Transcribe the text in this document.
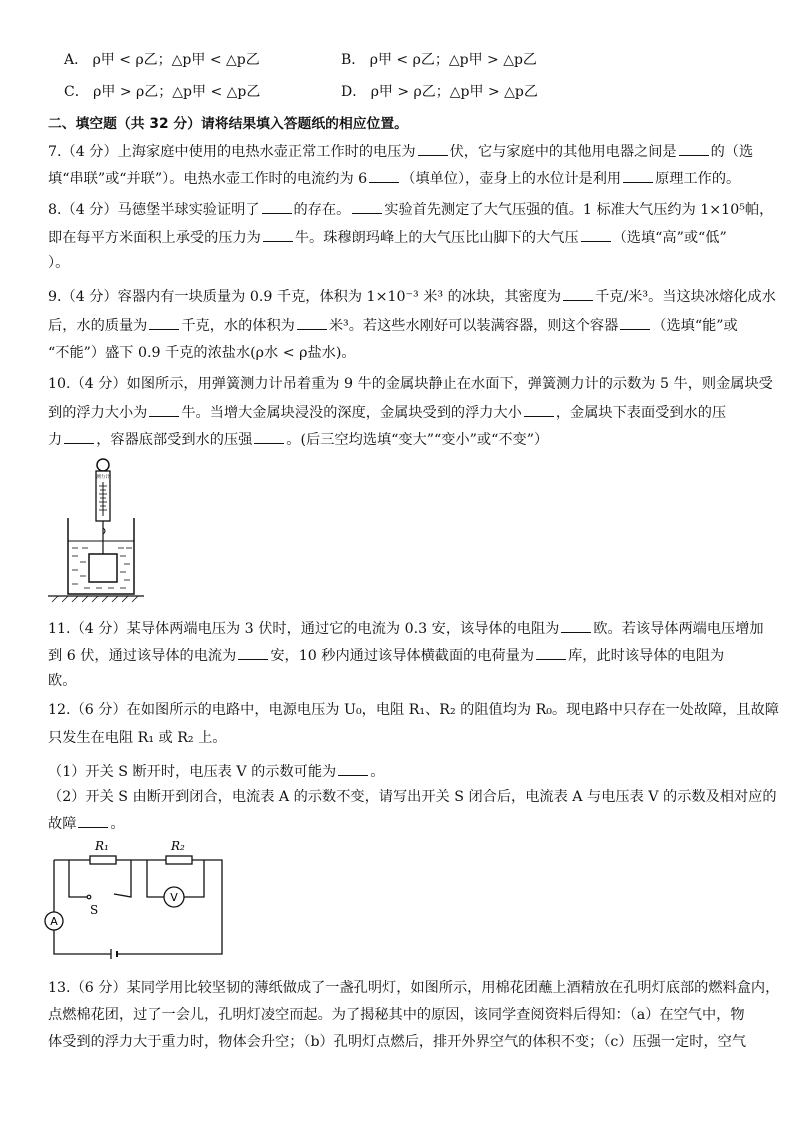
A． ρ甲 < ρ乙；△p甲 < △p乙	B． ρ甲 < ρ乙；△p甲 > △p乙
C． ρ甲 > ρ乙；△p甲 < △p乙	D． ρ甲 > ρ乙；△p甲 > △p乙
二、填空题（共 32 分）请将结果填入答题纸的相应位置。
7.（4 分）上海家庭中使用的电热水壶正常工作时的电压为 伏，它与家庭中的其他用电器之间是 的（选
填“串联”或“并联”）。电热水壶工作时的电流约为 6 （填单位），壶身上的水位计是利用 原理工作的。
8.（4 分）马德堡半球实验证明了 的存在。 实验首先测定了大气压强的值。1 标准大气压约为 1×10⁵帕，
即在每平方米面积上承受的压力为 牛。珠穆朗玛峰上的大气压比山脚下的大气压 （选填“高”或“低”
）。
9.（4 分）容器内有一块质量为 0.9 千克，体积为 1×10⁻³ 米³ 的冰块，其密度为 千克/米³。当这块冰熔化成水
后，水的质量为 千克，水的体积为 米³。若这些水刚好可以装满容器，则这个容器 （选填“能”或
“不能”）盛下 0.9 千克的浓盐水(ρ水 < ρ盐水)。
10.（4 分）如图所示，用弹簧测力计吊着重为 9 牛的金属块静止在水面下，弹簧测力计的示数为 5 牛，则金属块受
到的浮力大小为 牛。当增大金属块浸没的深度，金属块受到的浮力大小 ，金属块下表面受到水的压
力 ，容器底部受到水的压强 。(后三空均选填“变大”“变小”或“不变”）
测力计
11.（4 分）某导体两端电压为 3 伏时，通过它的电流为 0.3 安，该导体的电阻为 欧。若该导体两端电压增加
到 6 伏，通过该导体的电流为 安，10 秒内通过该导体横截面的电荷量为 库，此时该导体的电阻为
欧。
12.（6 分）在如图所示的电路中，电源电压为 U₀，电阻 R₁、R₂ 的阻值均为 R₀。现电路中只存在一处故障，且故障
只发生在电阻 R₁ 或 R₂ 上。
（1）开关 S 断开时，电压表 V 的示数可能为 。
（2）开关 S 由断开到闭合，电流表 A 的示数不变，请写出开关 S 闭合后，电流表 A 与电压表 V 的示数及相对应的
故障 。
R₁	R₂
S
V
A
13.（6 分）某同学用比较坚韧的薄纸做成了一盏孔明灯，如图所示，用棉花团蘸上酒精放在孔明灯底部的燃料盒内，
点燃棉花团，过了一会儿，孔明灯凌空而起。为了揭秘其中的原因，该同学查阅资料后得知：（a）在空气中，物
体受到的浮力大于重力时，物体会升空；（b）孔明灯点燃后，排开外界空气的体积不变；（c）压强一定时，空气
